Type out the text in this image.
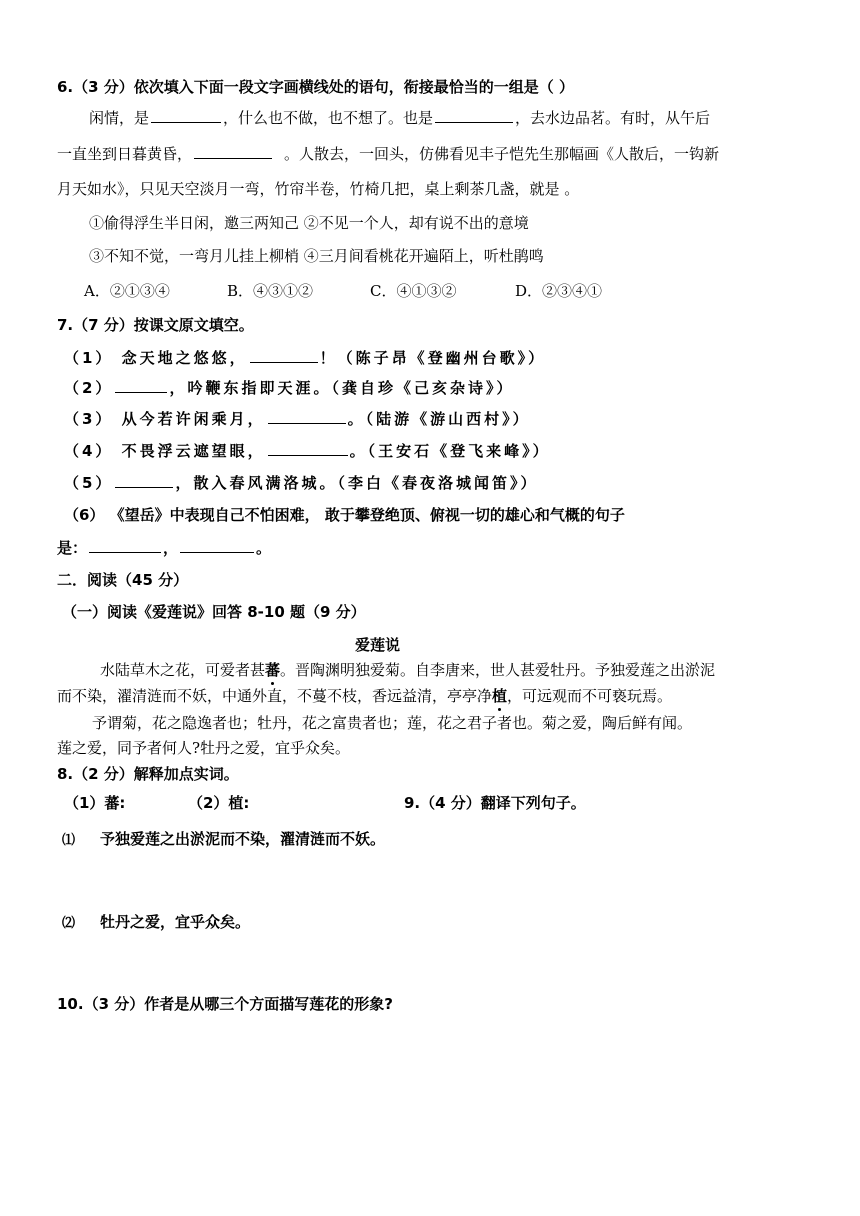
6.（3 分）依次填入下面一段文字画横线处的语句，衔接最恰当的一组是（ ）
闲情，是	，什么也不做，也不想了。也是	，去水边品茗。有时，从午后
一直坐到日暮黄昏，	。人散去，一回头，仿佛看见丰子恺先生那幅画《人散后，一钩新
月天如水》，只见天空淡月一弯，竹帘半卷，竹椅几把，桌上剩茶几盏，就是 。
①偷得浮生半日闲，邀三两知己 ②不见一个人，却有说不出的意境
③不知不觉，一弯月儿挂上柳梢 ④三月间看桃花开遍陌上，听杜鹃鸣
A．②①③④	B．④③①②	C．④①③②	D．②③④①
7.（7 分）按课文原文填空。
（1） 念天地之悠悠，	！（陈子昂《登幽州台歌》）
（2）	，吟鞭东指即天涯。（龚自珍《己亥杂诗》）
（3） 从今若许闲乘月，	。（陆游《游山西村》）
（4） 不畏浮云遮望眼，	。（王安石《登飞来峰》）
（5）	，散入春风满洛城。（李白《春夜洛城闻笛》）
（6） 《望岳》中表现自己不怕困难， 敢于攀登绝顶、俯视一切的雄心和气概的句子
是：	，	。
二．阅读（45 分）
（一）阅读《爱莲说》回答 8-10 题（9 分）
爱莲说
水陆草木之花，可爱者甚蕃。晋陶渊明独爱菊。自李唐来，世人甚爱牡丹。予独爱莲之出淤泥
而不染，濯清涟而不妖，中通外直，不蔓不枝，香远益清，亭亭净植，可远观而不可亵玩焉。
予谓菊，花之隐逸者也；牡丹，花之富贵者也；莲，花之君子者也。菊之爱，陶后鲜有闻。
莲之爱，同予者何人?牡丹之爱，宜乎众矣。
8.（2 分）解释加点实词。
（1）蕃:	（2）植:	9.（4 分）翻译下列句子。
⑴ 予独爱莲之出淤泥而不染，濯清涟而不妖。
⑵ 牡丹之爱，宜乎众矣。
10.（3 分）作者是从哪三个方面描写莲花的形象?
